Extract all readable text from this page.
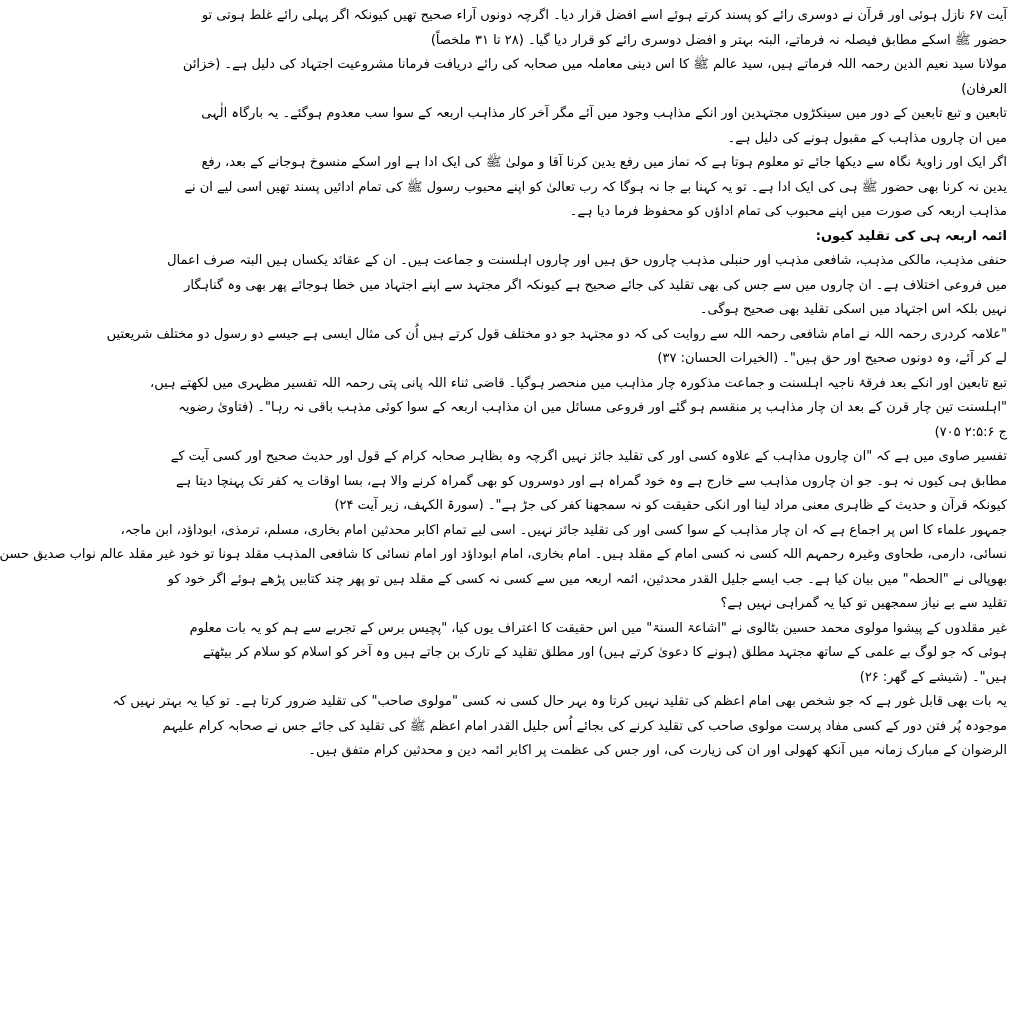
آیت ۶۷ نازل ہوئی اور قرآن نے دوسری رائے کو پسند کرتے ہوئے اسے افضل قرار دیا۔ اگرچہ دونوں آراء صحیح تھیں کیونکہ اگر پہلی رائے غلط ہوتی تو
حضور ﷺ اسکے مطابق فیصلہ نہ فرماتے، البتہ بہتر و افضل دوسری رائے کو قرار دیا گیا۔ (۲۸ تا ۳۱ ملخصاً)
مولانا سید نعیم الدین رحمہ اللہ فرماتے ہیں، سید عالم ﷺ کا اس دینی معاملہ میں صحابہ کی رائے دریافت فرمانا مشروعیت اجتہاد کی دلیل ہے۔ (خزائن
العرفان)
تابعین و تبع تابعین کے دور میں سینکڑوں مجتہدین اور انکے مذاہب وجود میں آئے مگر آخر کار مذاہب اربعہ کے سوا سب معدوم ہوگئے۔ یہ بارگاہ الٰہی
میں ان چاروں مذاہب کے مقبول ہونے کی دلیل ہے۔
اگر ایک اور زاویۂ نگاہ سے دیکھا جائے تو معلوم ہوتا ہے کہ نماز میں رفع یدین کرنا آقا و مولیٰ ﷺ کی ایک ادا ہے اور اسکے منسوخ ہوجانے کے بعد، رفع
یدین نہ کرنا بھی حضور ﷺ ہی کی ایک ادا ہے۔ تو یہ کہنا بے جا نہ ہوگا کہ رب تعالیٰ کو اپنے محبوب رسول ﷺ کی تمام ادائیں پسند تھیں اسی لیے ان نے
مذاہب اربعہ کی صورت میں اپنے محبوب کی تمام اداؤں کو محفوظ فرما دیا ہے۔
ائمہ اربعہ ہی کی تقلید کیوں:
حنفی مذہب، مالکی مذہب، شافعی مذہب اور حنبلی مذہب چاروں حق ہیں اور چاروں اہلسنت و جماعت ہیں۔ ان کے عقائد یکساں ہیں البتہ صرف اعمال
میں فروعی اختلاف ہے۔ ان چاروں میں سے جس کی بھی تقلید کی جائے صحیح ہے کیونکہ اگر مجتہد سے اپنے اجتہاد میں خطا ہوجائے پھر بھی وہ گناہگار
نہیں بلکہ اس اجتہاد میں اسکی تقلید بھی صحیح ہوگی۔
"علامہ کردری رحمہ اللہ نے امام شافعی رحمہ اللہ سے روایت کی کہ دو مجتہد جو دو مختلف قول کرتے ہیں اُن کی مثال ایسی ہے جیسے دو رسول دو مختلف شریعتیں
لے کر آئے، وہ دونوں صحیح اور حق ہیں"۔ (الخیرات الحسان: ۳۷)
تبع تابعین اور انکے بعد فرقۂ ناجیہ اہلسنت و جماعت مذکورہ چار مذاہب میں منحصر ہوگیا۔ قاضی ثناء اللہ پانی پتی رحمہ اللہ تفسیر مظہری میں لکھتے ہیں،
"اہلسنت تین چار قرن کے بعد ان چار مذاہب پر منقسم ہو گئے اور فروعی مسائل میں ان مذاہب اربعہ کے سوا کوئی مذہب باقی نہ رہا"۔ (فتاویٰ رضویہ
ج ۲:۵:۶ ۷۰۵)
تفسیر صاوی میں ہے کہ "ان چاروں مذاہب کے علاوہ کسی اور کی تقلید جائز نہیں اگرچہ وہ بظاہر صحابہ کرام کے قول اور حدیث صحیح اور کسی آیت کے
مطابق ہی کیوں نہ ہو۔ جو ان چاروں مذاہب سے خارج ہے وہ خود گمراہ ہے اور دوسروں کو بھی گمراہ کرنے والا ہے، بسا اوقات یہ کفر تک پہنچا دیتا ہے
کیونکہ قرآن و حدیث کے ظاہری معنی مراد لینا اور انکی حقیقت کو نہ سمجھنا کفر کی جڑ ہے"۔ (سورۃ الکہف، زیر آیت ۲۴)
جمہور علماء کا اس پر اجماع ہے کہ ان چار مذاہب کے سوا کسی اور کی تقلید جائز نہیں۔ اسی لیے تمام اکابر محدثین امام بخاری، مسلم، ترمذی، ابوداؤد، ابن ماجہ،
نسائی، دارمی، طحاوی وغیرہ رحمہم اللہ کسی نہ کسی امام کے مقلد ہیں۔ امام بخاری، امام ابوداؤد اور امام نسائی کا شافعی المذہب مقلد ہونا تو خود غیر مقلد عالم نواب صدیق حسن
بھوپالی نے "الحطہ" میں بیان کیا ہے۔ جب ایسے جلیل القدر محدثین، ائمہ اربعہ میں سے کسی نہ کسی کے مقلد ہیں تو پھر چند کتابیں پڑھے ہوئے اگر خود کو
تقلید سے بے نیاز سمجھیں تو کیا یہ گمراہی نہیں ہے؟
غیر مقلدوں کے پیشوا مولوی محمد حسین بٹالوی نے "اشاعۃ السنۃ" میں اس حقیقت کا اعتراف یوں کیا، "پچیس برس کے تجربے سے ہم کو یہ بات معلوم
ہوئی کہ جو لوگ بے علمی کے ساتھ مجتہد مطلق (ہونے کا دعویٰ کرتے ہیں) اور مطلق تقلید کے تارک بن جاتے ہیں وہ آخر کو اسلام کو سلام کر بیٹھتے
ہیں"۔ (شیشے کے گھر: ۲۶)
یہ بات بھی قابل غور ہے کہ جو شخص بھی امام اعظم کی تقلید نہیں کرتا وہ بہر حال کسی نہ کسی "مولوی صاحب" کی تقلید ضرور کرتا ہے۔ تو کیا یہ بہتر نہیں کہ
موجودہ پُر فتن دور کے کسی مفاد پرست مولوی صاحب کی تقلید کرنے کی بجائے اُس جلیل القدر امام اعظم ﷺ کی تقلید کی جائے جس نے صحابہ کرام علیہم
الرضوان کے مبارک زمانہ میں آنکھ کھولی اور ان کی زیارت کی، اور جس کی عظمت پر اکابر ائمہ دین و محدثین کرام متفق ہیں۔
